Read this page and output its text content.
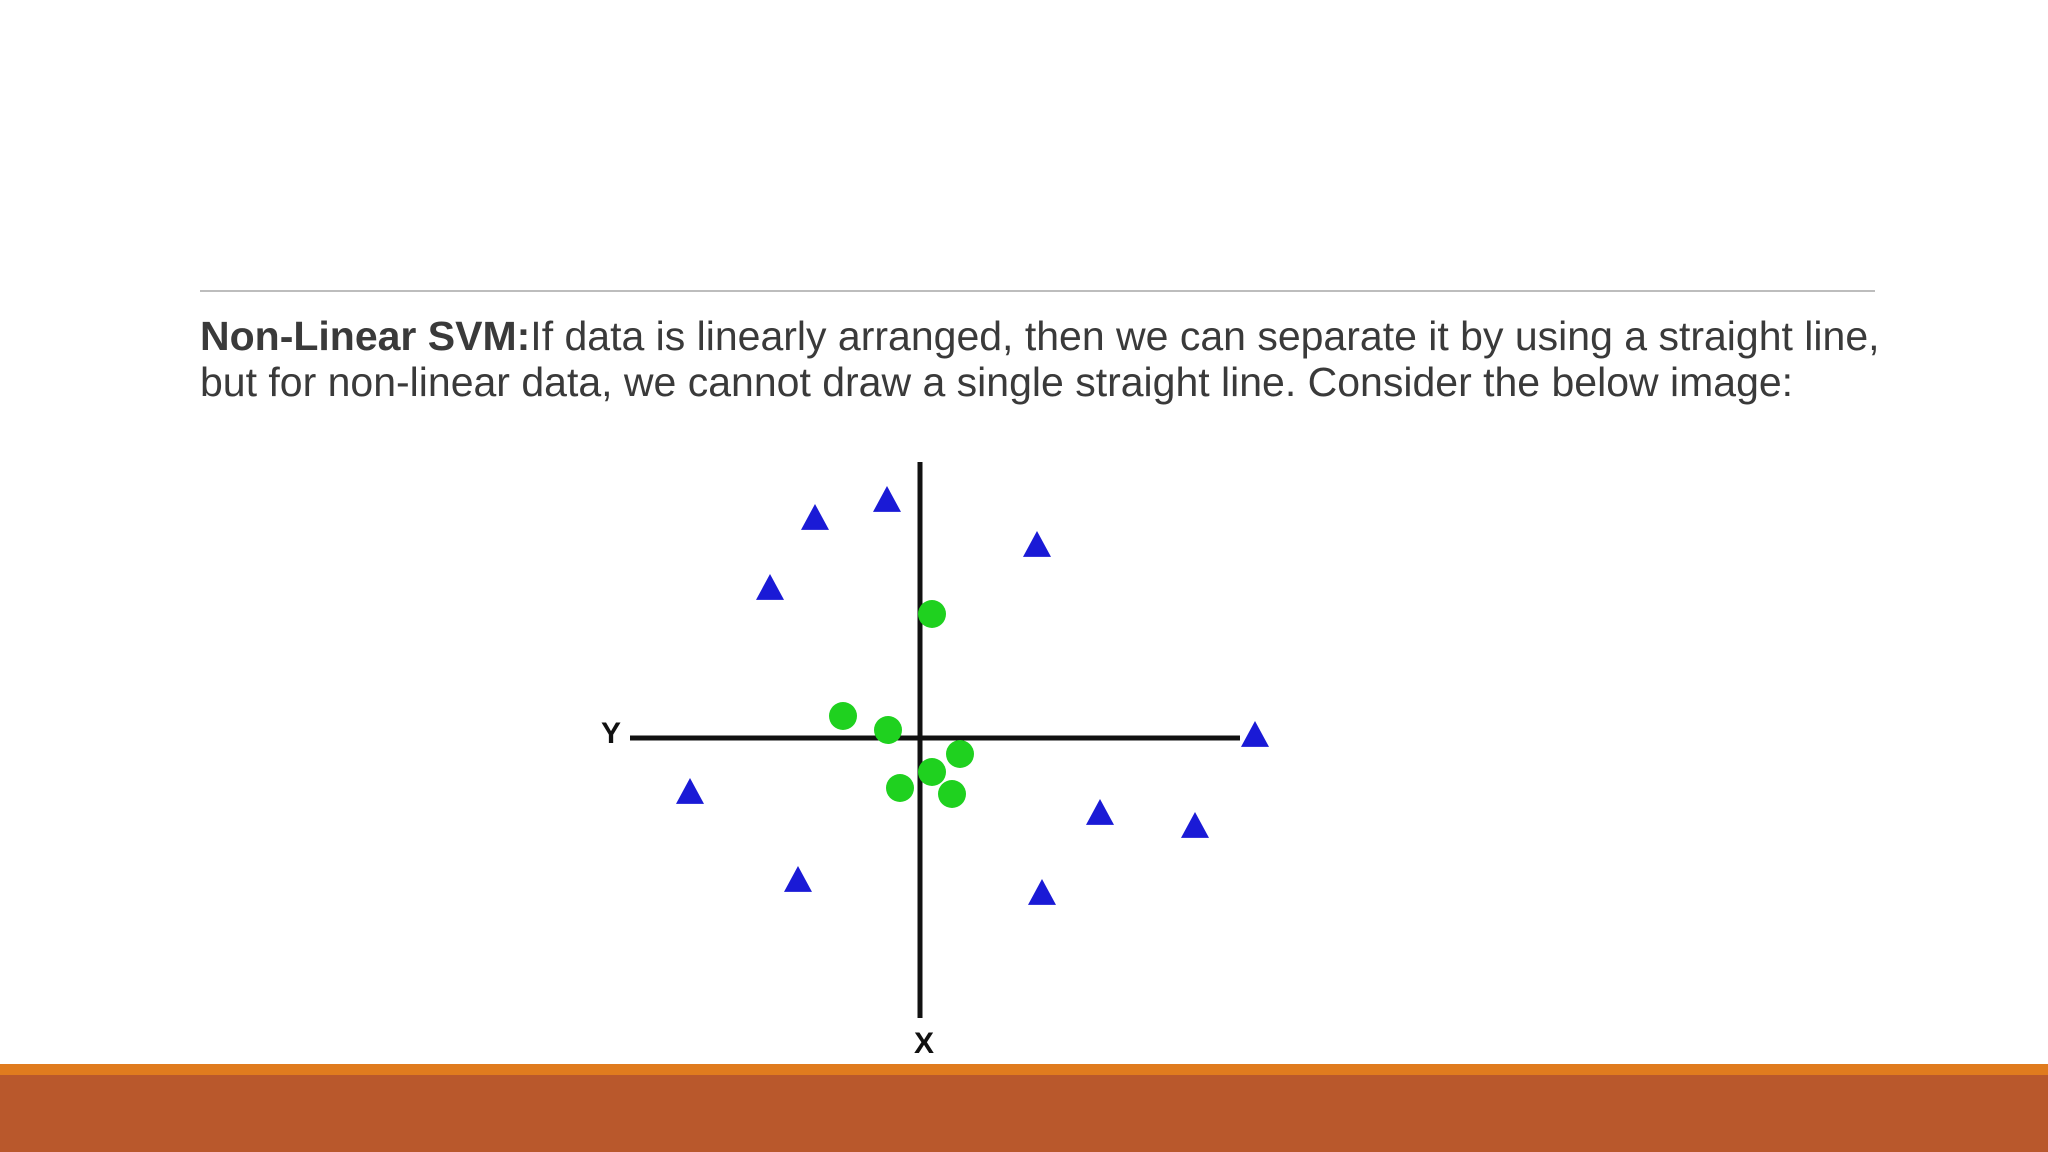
Non-Linear SVM:If data is linearly arranged, then we can separate it by using a straight line, but for non-linear data, we cannot draw a single straight line. Consider the below image:
Y
X
